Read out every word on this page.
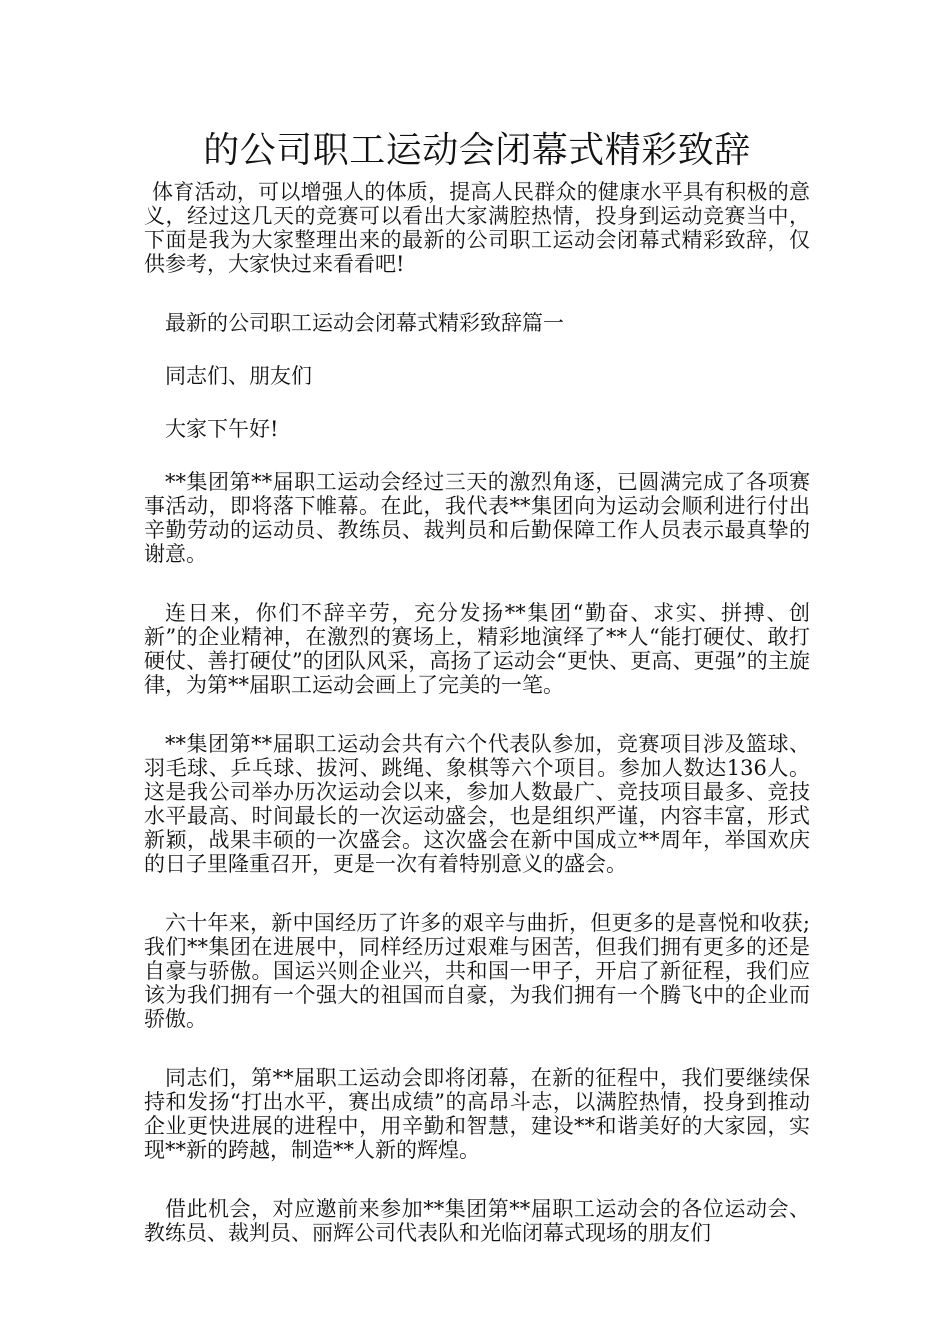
的公司职工运动会闭幕式精彩致辞

体育活动，可以增强人的体质，提高人民群众的健康水平具有积极的意义，经过这几天的竞赛可以看出大家满腔热情，投身到运动竞赛当中，下面是我为大家整理出来的最新的公司职工运动会闭幕式精彩致辞，仅供参考，大家快过来看看吧!

最新的公司职工运动会闭幕式精彩致辞篇一

同志们、朋友们

大家下午好!

**集团第**届职工运动会经过三天的激烈角逐，已圆满完成了各项赛事活动，即将落下帷幕。在此，我代表**集团向为运动会顺利进行付出辛勤劳动的运动员、教练员、裁判员和后勤保障工作人员表示最真挚的谢意。

连日来，你们不辞辛劳，充分发扬**集团“勤奋、求实、拼搏、创新”的企业精神，在激烈的赛场上，精彩地演绎了**人“能打硬仗、敢打硬仗、善打硬仗”的团队风采，高扬了运动会“更快、更高、更强”的主旋律，为第**届职工运动会画上了完美的一笔。

**集团第**届职工运动会共有六个代表队参加，竞赛项目涉及篮球、羽毛球、乒乓球、拔河、跳绳、象棋等六个项目。参加人数达136人。这是我公司举办历次运动会以来，参加人数最广、竞技项目最多、竞技水平最高、时间最长的一次运动盛会，也是组织严谨，内容丰富，形式新颖，战果丰硕的一次盛会。这次盛会在新中国成立**周年，举国欢庆的日子里隆重召开，更是一次有着特别意义的盛会。

六十年来，新中国经历了许多的艰辛与曲折，但更多的是喜悦和收获;我们**集团在进展中，同样经历过艰难与困苦，但我们拥有更多的还是自豪与骄傲。国运兴则企业兴，共和国一甲子，开启了新征程，我们应该为我们拥有一个强大的祖国而自豪，为我们拥有一个腾飞中的企业而骄傲。

同志们，第**届职工运动会即将闭幕，在新的征程中，我们要继续保持和发扬“打出水平，赛出成绩”的高昂斗志，以满腔热情，投身到推动企业更快进展的进程中，用辛勤和智慧，建设**和谐美好的大家园，实现**新的跨越，制造**人新的辉煌。

借此机会，对应邀前来参加**集团第**届职工运动会的各位运动会、教练员、裁判员、丽辉公司代表队和光临闭幕式现场的朋友们
